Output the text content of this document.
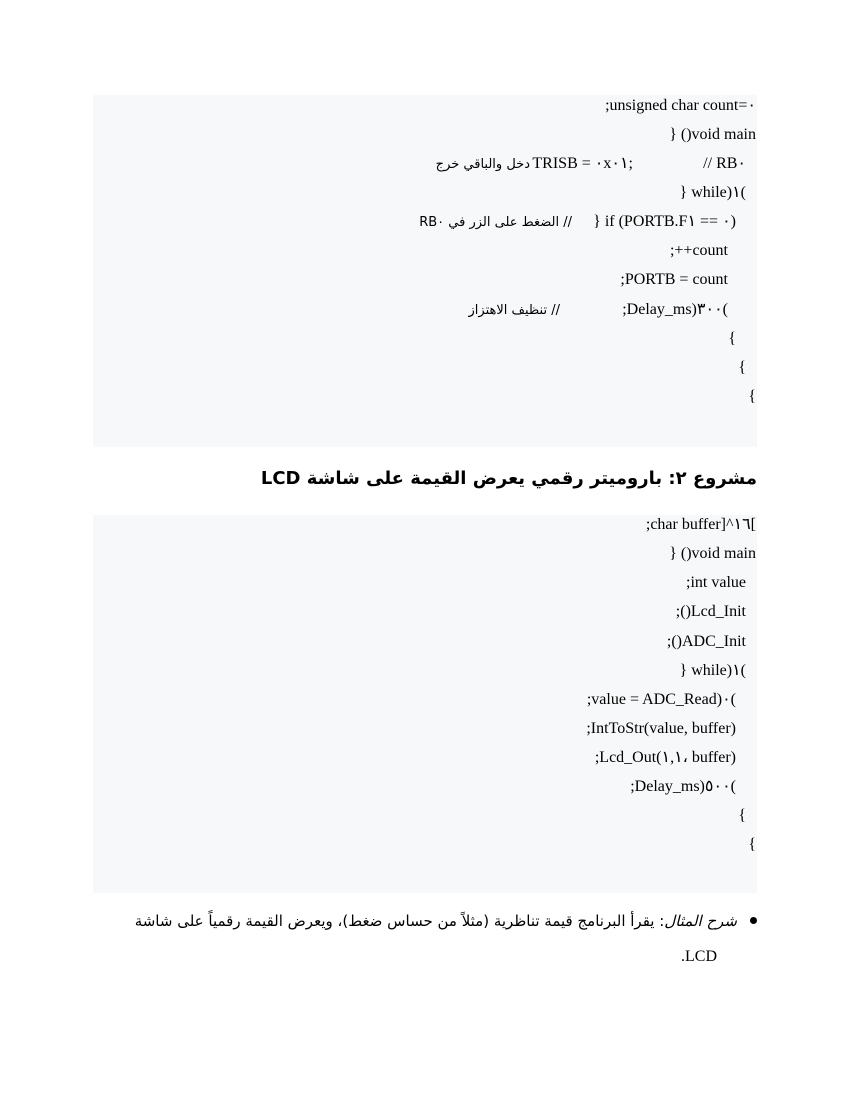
;unsigned char count=٠
} ()void main
// RB٠
TRISB = ٠x٠١;
دخل والباقي خرج
} while)١(
} if (PORTB.F٠ == ١)
// الضغط على الزر في RB٠
;++count
;PORTB = count
;Delay_ms)٣٠٠(
// تنظيف الاهتزاز
{
{
{
مشروع ٢: باروميتر رقمي يعرض القيمة على شاشة LCD
;char buffer]^١٦[
} ()void main
;int value
;()Lcd_Init
;()ADC_Init
} while)١(
;value = ADC_Read)٠(
;IntToStr(value, buffer)
;Lcd_Out(١,١، buffer)
;Delay_ms)٥٠٠(
{
{
شرح المثال: يقرأ البرنامج قيمة تناظرية (مثلاً من حساس ضغط)، ويعرض القيمة رقمياً على شاشة
.LCD
